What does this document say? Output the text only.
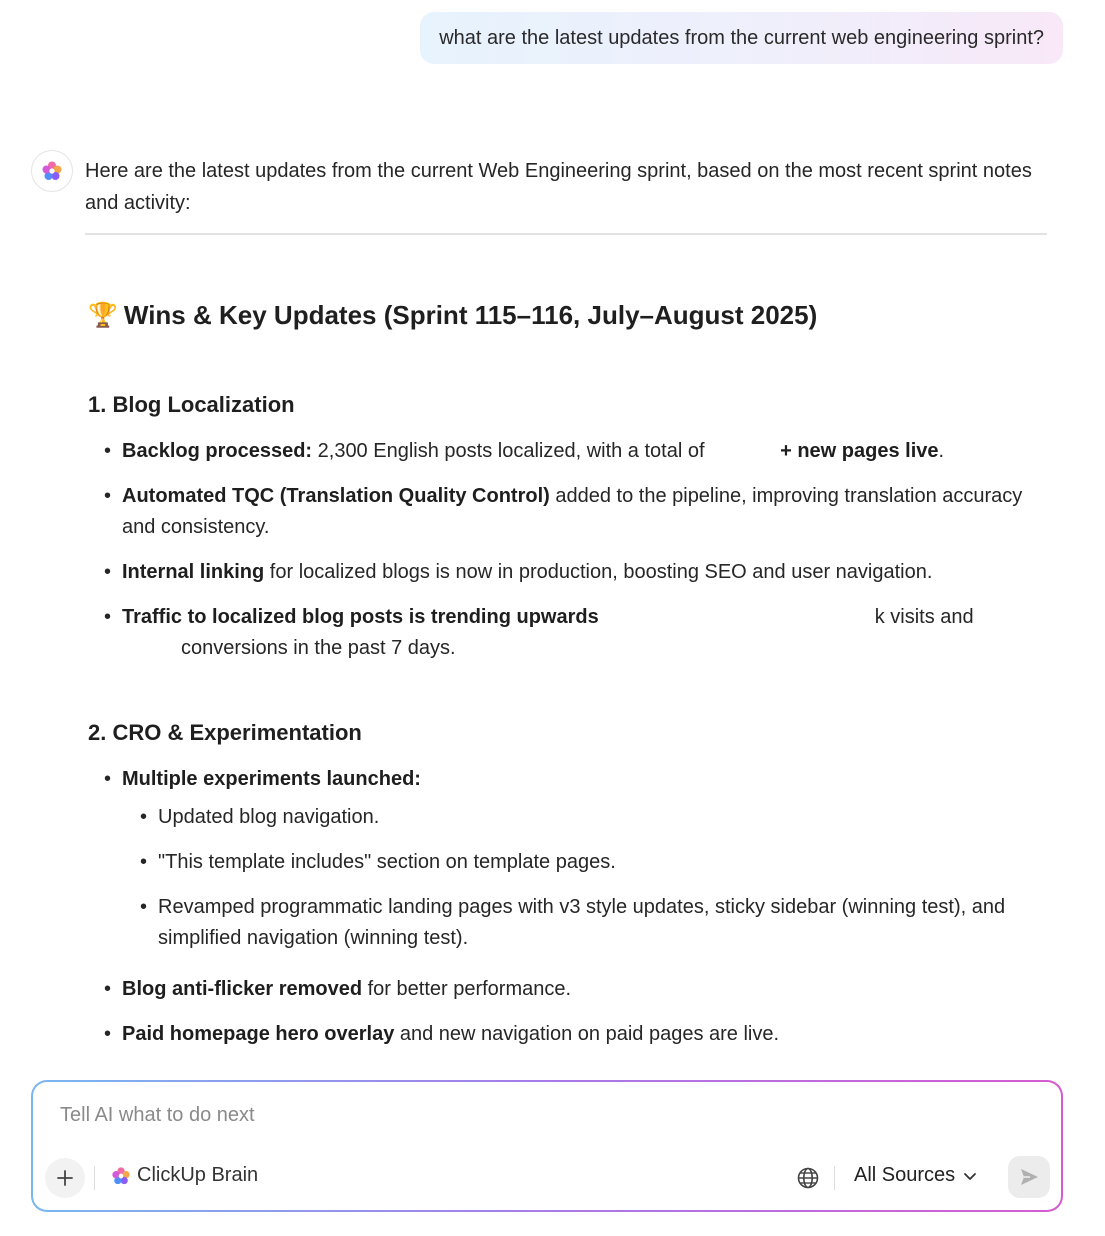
what are the latest updates from the current web engineering sprint?

Here are the latest updates from the current Web Engineering sprint, based on the most recent sprint notes and activity:

🏆 Wins & Key Updates (Sprint 115–116, July–August 2025)
1. Blog Localization
• Backlog processed: 2,300 English posts localized, with a total of	+ new pages live.
• Automated TQC (Translation Quality Control) added to the pipeline, improving translation accuracy and consistency.
• Internal linking for localized blogs is now in production, boosting SEO and user navigation.
• Traffic to localized blog posts is trending upwards	k visits and
conversions in the past 7 days.
2. CRO & Experimentation
• Multiple experiments launched:
• Updated blog navigation.
• "This template includes" section on template pages.
• Revamped programmatic landing pages with v3 style updates, sticky sidebar (winning test), and simplified navigation (winning test).
• Blog anti-flicker removed for better performance.
• Paid homepage hero overlay and new navigation on paid pages are live.
Tell AI what to do next
ClickUp Brain	All Sources
